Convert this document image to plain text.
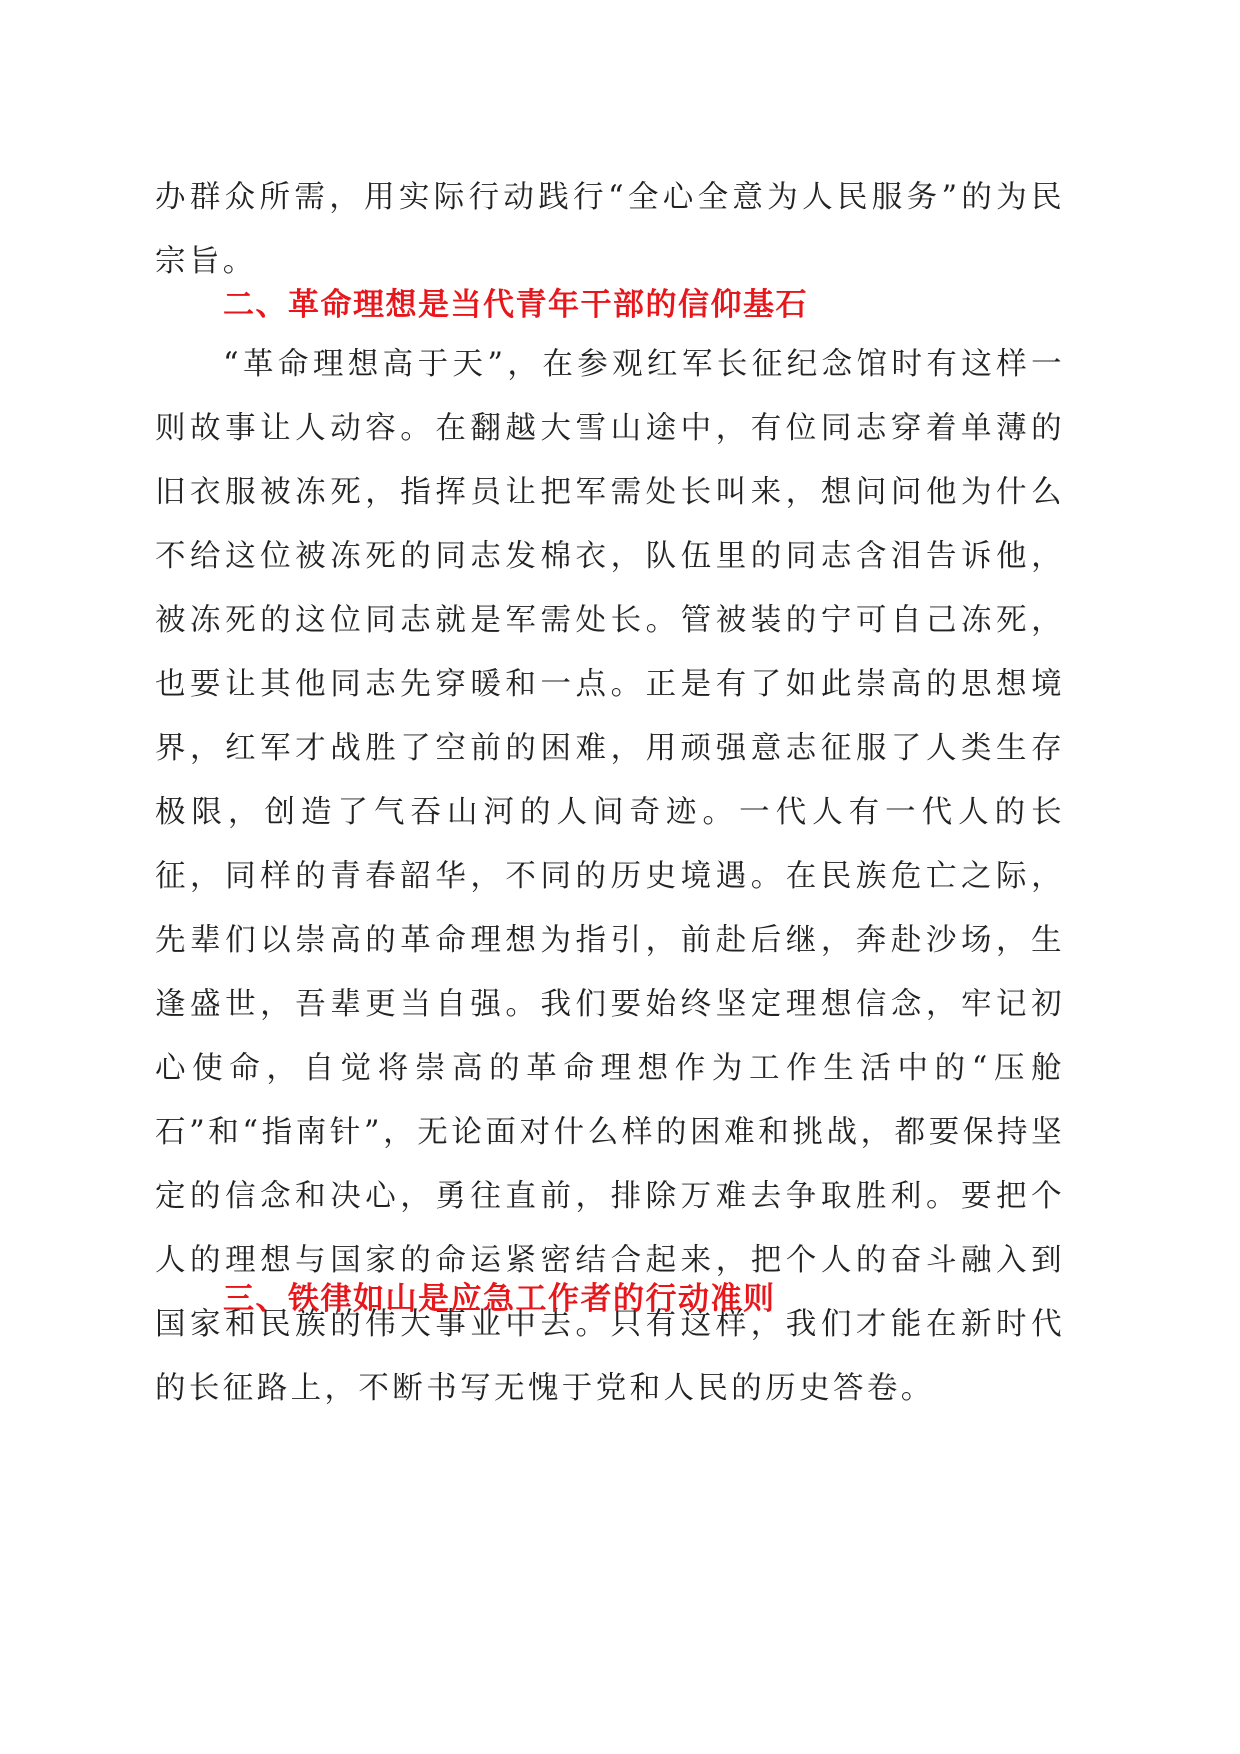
办群众所需，用实际行动践行“全心全意为人民服务”的为民宗旨。

二、革命理想是当代青年干部的信仰基石

“革命理想高于天”，在参观红军长征纪念馆时有这样一则故事让人动容。在翻越大雪山途中，有位同志穿着单薄的旧衣服被冻死，指挥员让把军需处长叫来，想问问他为什么不给这位被冻死的同志发棉衣，队伍里的同志含泪告诉他，被冻死的这位同志就是军需处长。管被装的宁可自己冻死，也要让其他同志先穿暖和一点。正是有了如此崇高的思想境界，红军才战胜了空前的困难，用顽强意志征服了人类生存极限，创造了气吞山河的人间奇迹。一代人有一代人的长征，同样的青春韶华，不同的历史境遇。在民族危亡之际，先辈们以崇高的革命理想为指引，前赴后继，奔赴沙场，生逢盛世，吾辈更当自强。我们要始终坚定理想信念，牢记初心使命，自觉将崇高的革命理想作为工作生活中的“压舱石”和“指南针”，无论面对什么样的困难和挑战，都要保持坚定的信念和决心，勇往直前，排除万难去争取胜利。要把个人的理想与国家的命运紧密结合起来，把个人的奋斗融入到国家和民族的伟大事业中去。只有这样，我们才能在新时代的长征路上，不断书写无愧于党和人民的历史答卷。

三、铁律如山是应急工作者的行动准则
